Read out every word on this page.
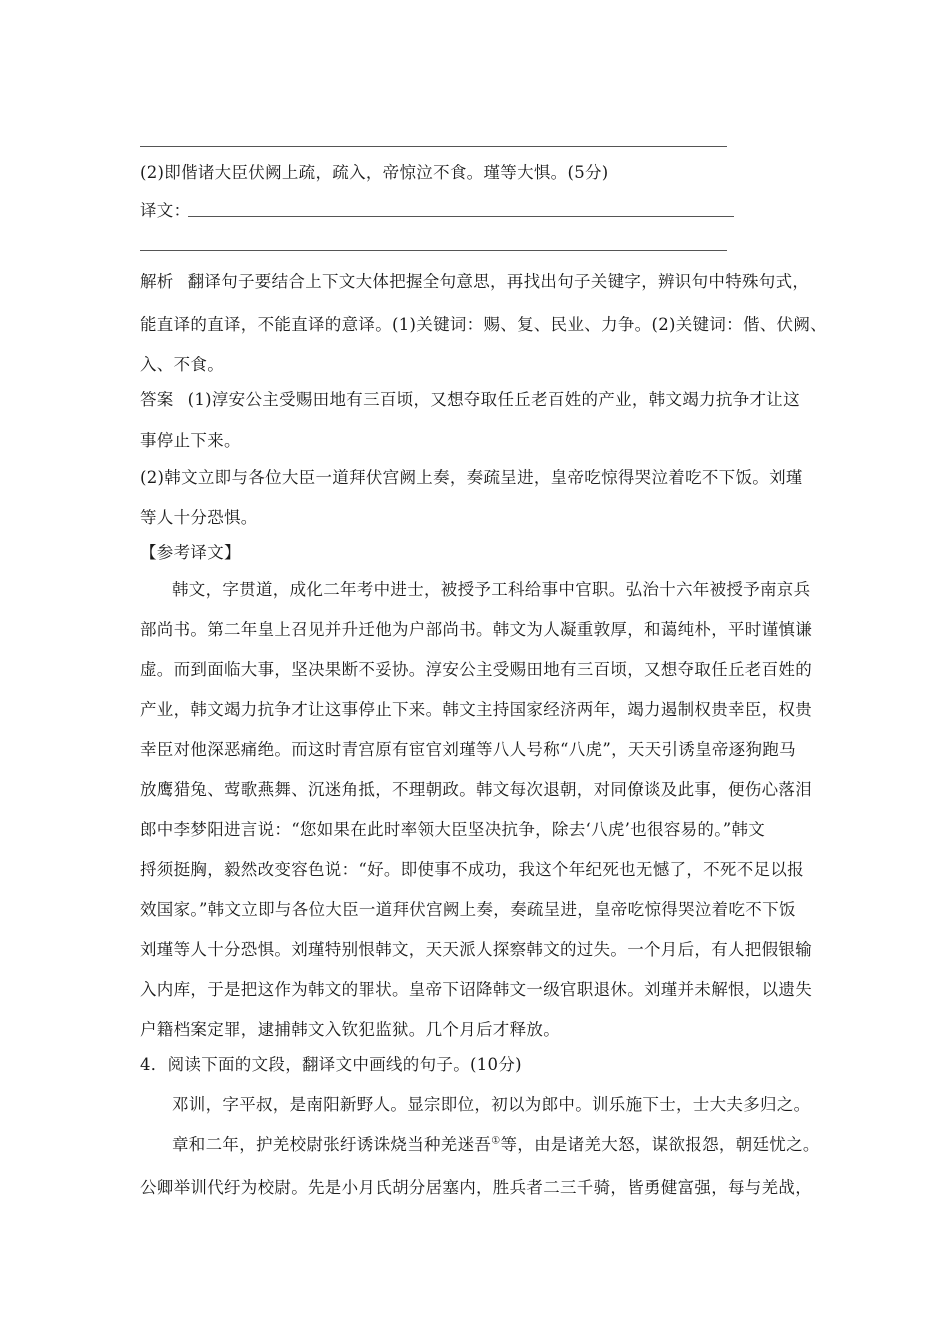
(2)即偕诸大臣伏阙上疏，疏入，帝惊泣不食。瑾等大惧。(5分)
译文：
解析 翻译句子要结合上下文大体把握全句意思，再找出句子关键字，辨识句中特殊句式，
能直译的直译，不能直译的意译。(1)关键词：赐、复、民业、力争。(2)关键词：偕、伏阙、
入、不食。
答案 (1)淳安公主受赐田地有三百顷，又想夺取任丘老百姓的产业，韩文竭力抗争才让这
事停止下来。
(2)韩文立即与各位大臣一道拜伏宫阙上奏，奏疏呈进，皇帝吃惊得哭泣着吃不下饭。刘瑾
等人十分恐惧。
【参考译文】
韩文，字贯道，成化二年考中进士，被授予工科给事中官职。弘治十六年被授予南京兵
部尚书。第二年皇上召见并升迁他为户部尚书。韩文为人凝重敦厚，和蔼纯朴，平时谨慎谦
虚。而到面临大事，坚决果断不妥协。淳安公主受赐田地有三百顷，又想夺取任丘老百姓的
产业，韩文竭力抗争才让这事停止下来。韩文主持国家经济两年，竭力遏制权贵幸臣，权贵
幸臣对他深恶痛绝。而这时青宫原有宦官刘瑾等八人号称“八虎”，天天引诱皇帝逐狗跑马
放鹰猎兔、莺歌燕舞、沉迷角抵，不理朝政。韩文每次退朝，对同僚谈及此事，便伤心落泪
郎中李梦阳进言说：“您如果在此时率领大臣坚决抗争，除去‘八虎’也很容易的。”韩文
捋须挺胸，毅然改变容色说：“好。即使事不成功，我这个年纪死也无憾了，不死不足以报
效国家。”韩文立即与各位大臣一道拜伏宫阙上奏，奏疏呈进，皇帝吃惊得哭泣着吃不下饭
刘瑾等人十分恐惧。刘瑾特别恨韩文，天天派人探察韩文的过失。一个月后，有人把假银输
入内库，于是把这作为韩文的罪状。皇帝下诏降韩文一级官职退休。刘瑾并未解恨，以遗失
户籍档案定罪，逮捕韩文入钦犯监狱。几个月后才释放。
4．阅读下面的文段，翻译文中画线的句子。(10分)
邓训，字平叔，是南阳新野人。显宗即位，初以为郎中。训乐施下士，士大夫多归之。
章和二年，护羌校尉张纡诱诛烧当种羌迷吾①等，由是诸羌大怒，谋欲报怨，朝廷忧之。
公卿举训代纡为校尉。先是小月氏胡分居塞内，胜兵者二三千骑，皆勇健富强，每与羌战，
